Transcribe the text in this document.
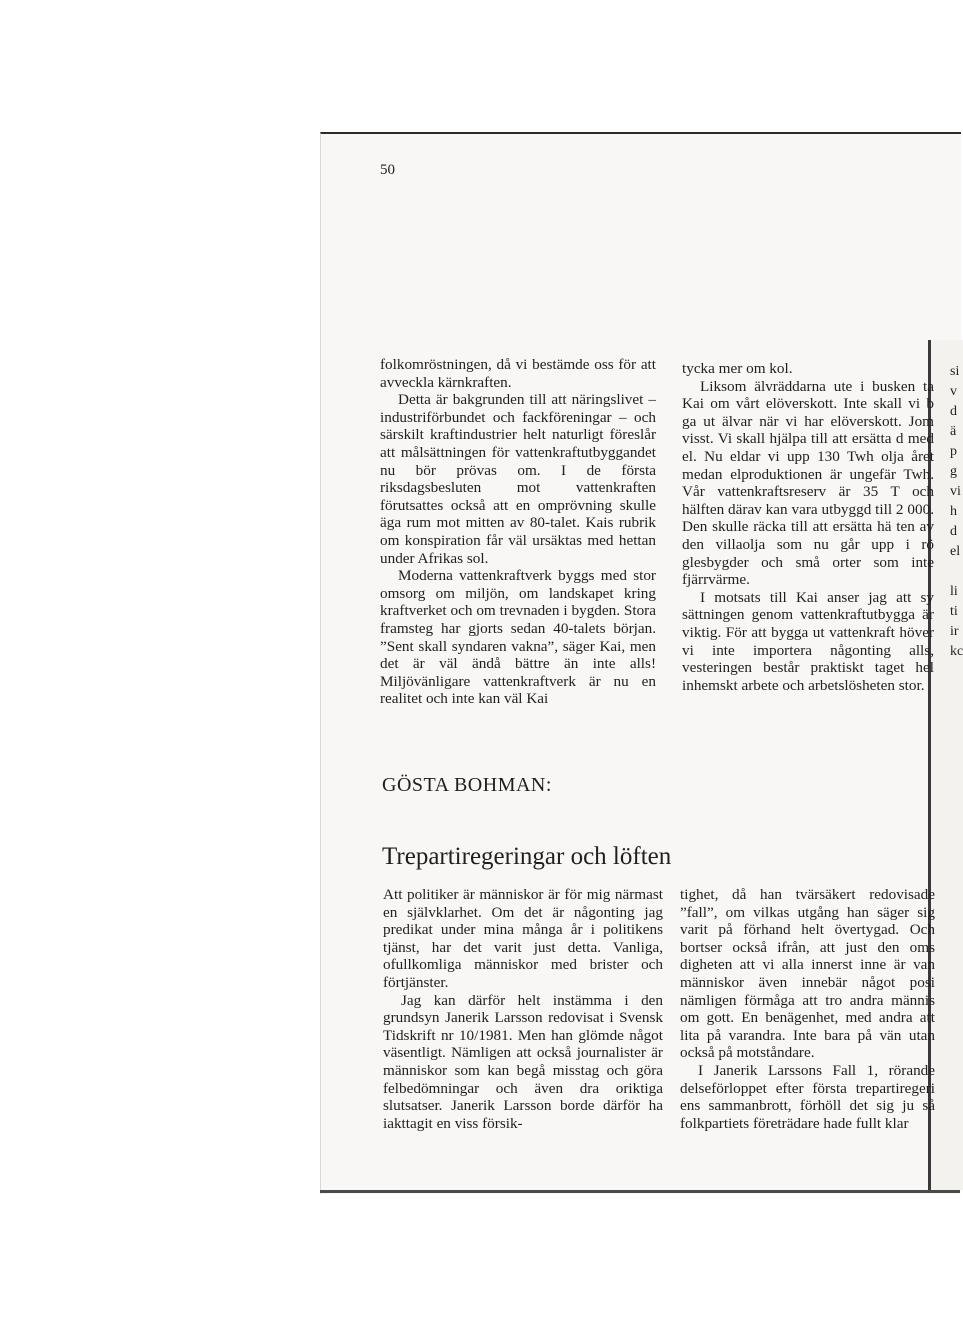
50

folkomröstningen, då vi bestämde oss för att avveckla kärnkraften.

Detta är bakgrunden till att näringslivet – industriförbundet och fackföreningar – och särskilt kraftindustrier helt naturligt föreslår att målsättningen för vattenkraftutbyggandet nu bör prövas om. I de första riksdagsbesluten mot vattenkraften förutsattes också att en omprövning skulle äga rum mot mitten av 80-talet. Kais rubrik om konspiration får väl ursäktas med hettan under Afrikas sol.

Moderna vattenkraftverk byggs med stor omsorg om miljön, om landskapet kring kraftverket och om trevnaden i bygden. Stora framsteg har gjorts sedan 40-talets början. ”Sent skall syndaren vakna”, säger Kai, men det är väl ändå bättre än inte alls! Miljövänligare vattenkraftverk är nu en realitet och inte kan väl Kai

tycka mer om kol.

Liksom älvräddarna ute i busken ta Kai om vårt elöverskott. Inte skall vi b ga ut älvar när vi har elöverskott. Jom visst. Vi skall hjälpa till att ersätta d med el. Nu eldar vi upp 130 Twh olja året medan elproduktionen är ungefär Twh. Vår vattenkraftsreserv är 35 T och hälften därav kan vara utbyggd till 2 000. Den skulle räcka till att ersätta hä ten av den villaolja som nu går upp i rö glesbygder och små orter som inte fjärrvärme.

I motsats till Kai anser jag att sy sättningen genom vattenkraftutbygga är viktig. För att bygga ut vattenkraft höver vi inte importera någonting alls, vesteringen består praktiskt taget hel inhemskt arbete och arbetslösheten stor.

si
v
d
ä
p
g
vi
h
d
el

li
ti
ir
kc
GÖSTA BOHMAN:
Trepartiregeringar och löften

Att politiker är människor är för mig närmast en självklarhet. Om det är någonting jag predikat under mina många år i politikens tjänst, har det varit just detta. Vanliga, ofullkomliga människor med brister och förtjänster.

Jag kan därför helt instämma i den grundsyn Janerik Larsson redovisat i Svensk Tidskrift nr 10/1981. Men han glömde något väsentligt. Nämligen att också journalister är människor som kan begå misstag och göra felbedömningar och även dra oriktiga slutsatser. Janerik Larsson borde därför ha iakttagit en viss försik-

tighet, då han tvärsäkert redovisade ”fall”, om vilkas utgång han säger sig varit på förhand helt övertygad. Och bortser också ifrån, att just den oms digheten att vi alla innerst inne är van människor även innebär något posi nämligen förmåga att tro andra männis om gott. En benägenhet, med andra att lita på varandra. Inte bara på vän utan också på motståndare.

I Janerik Larssons Fall 1, rörande delseförloppet efter första trepartiregeri ens sammanbrott, förhöll det sig ju så folkpartiets företrädare hade fullt klar
